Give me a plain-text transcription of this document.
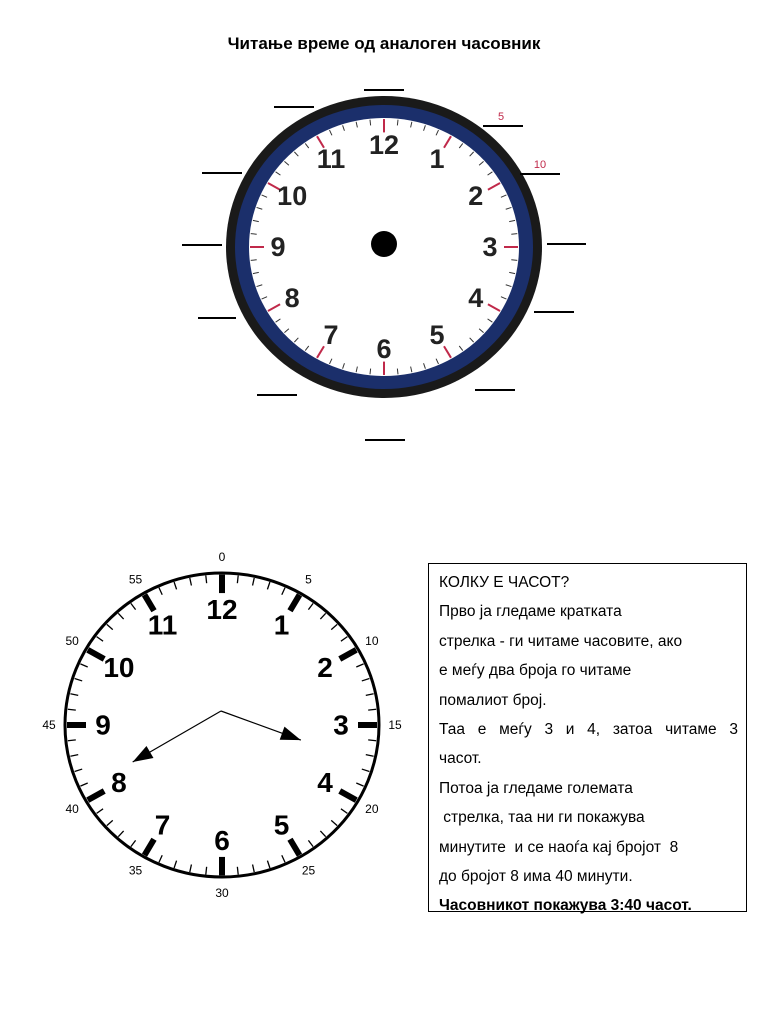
Читање време од аналоген часовник
12 1
2
3
4
5
6
7
8
9
10
11
5
10
12 1
2
3
4
5
6
7
8
9
10
11
0
5
10
15
20
25
30
35
40
45
50
55	КОЛКУ Е ЧАСОТ?
Прво ја гледаме кратката
стрелка - ги читаме часовите, ако
е меѓу два броја го читаме
помалиот број.
Таа е меѓу 3 и 4, затоа читаме 3
часот.
Потоа ја гледаме големата
стрелка, таа ни ги покажува
минутите  и се наоѓа кај бројот  8
до бројот 8 има 40 минути.
Часовникот покажува 3:40 часот.
